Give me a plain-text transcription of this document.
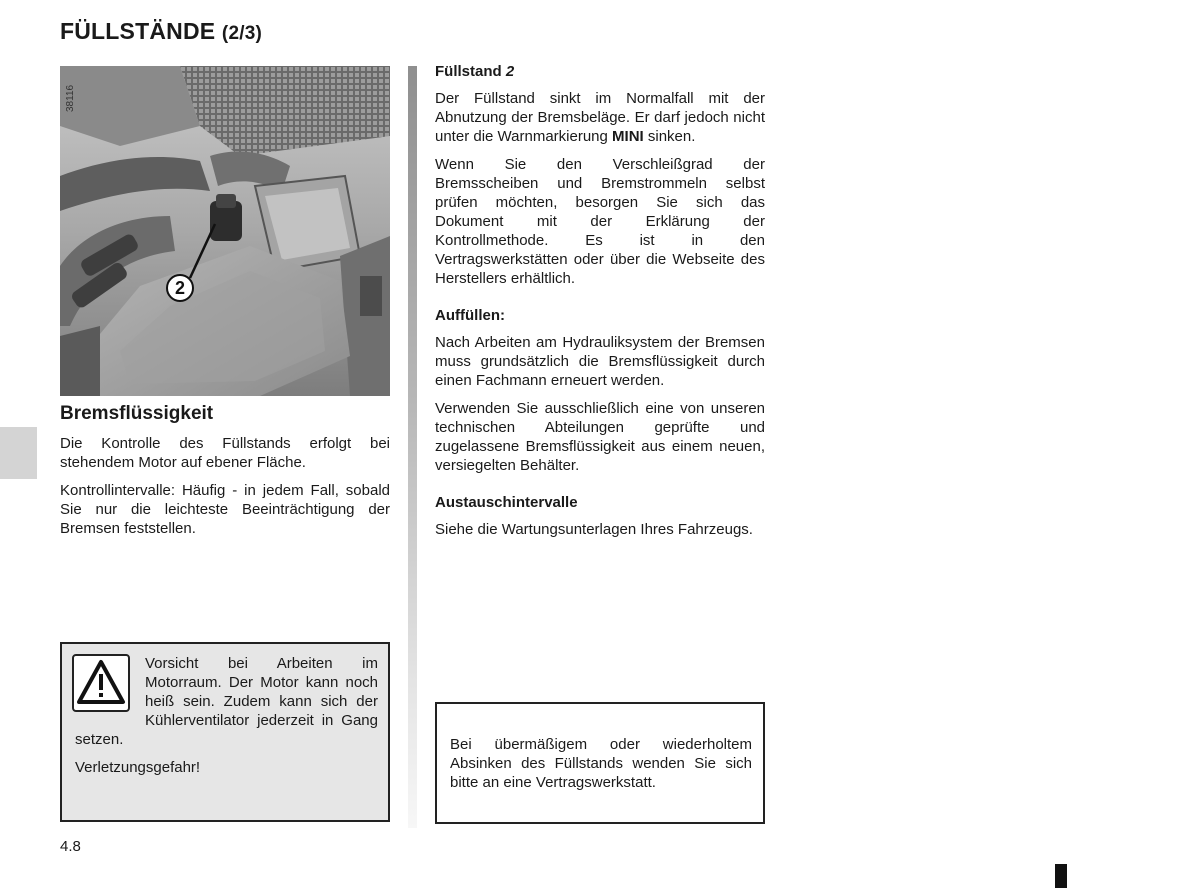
FÜLLSTÄNDE (2/3)
38116
2
Bremsflüssigkeit

Die Kontrolle des Füllstands erfolgt bei stehendem Motor auf ebener Fläche.

Kontrollintervalle: Häufig - in jedem Fall, sobald Sie nur die leichteste Beeinträchtigung der Bremsen feststellen.

Füllstand 2

Der Füllstand sinkt im Normalfall mit der Abnutzung der Bremsbeläge. Er darf jedoch nicht unter die Warnmarkierung MINI sinken.

Wenn Sie den Verschleißgrad der Bremsscheiben und Bremstrommeln selbst prüfen möchten, besorgen Sie sich das Dokument mit der Erklärung der Kontrollmethode. Es ist in den Vertragswerkstätten oder über die Webseite des Herstellers erhältlich.

Auffüllen:

Nach Arbeiten am Hydrauliksystem der Bremsen muss grundsätzlich die Bremsflüssigkeit durch einen Fachmann erneuert werden.

Verwenden Sie ausschließlich eine von unseren technischen Abteilungen geprüfte und zugelassene Bremsflüssigkeit aus einem neuen, versiegelten Behälter.

Austauschintervalle

Siehe die Wartungsunterlagen Ihres Fahrzeugs.

Vorsicht bei Arbeiten im Motorraum. Der Motor kann noch heiß sein. Zudem kann sich der Kühlerventilator jederzeit in Gang setzen.

Verletzungsgefahr!

Bei übermäßigem oder wiederholtem Absinken des Füllstands wenden Sie sich bitte an eine Vertragswerkstatt.

4.8
